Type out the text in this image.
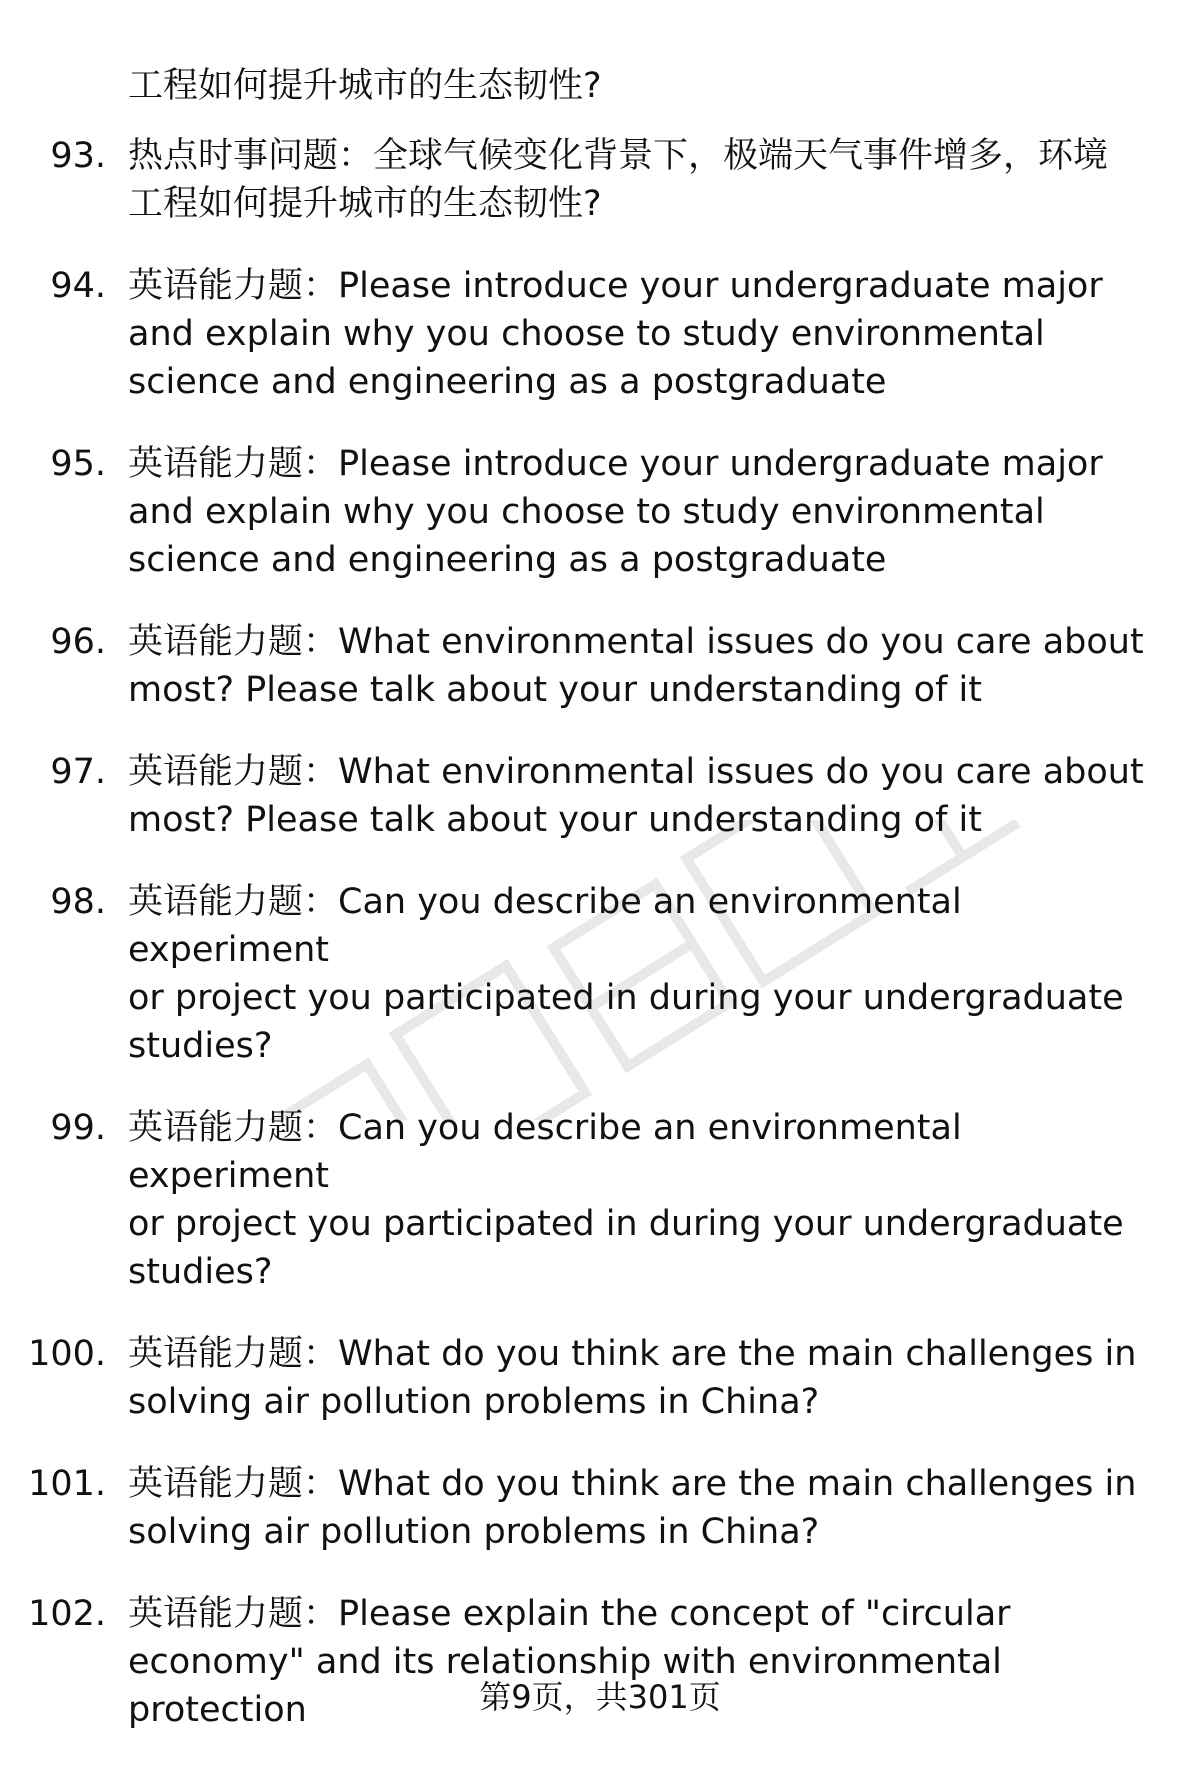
工程如何提升城市的生态韧性?
93. 热点时事问题：全球气候变化背景下，极端天气事件增多，环境
工程如何提升城市的生态韧性?
94. 英语能力题：Please introduce your undergraduate major
and explain why you choose to study environmental
science and engineering as a postgraduate
95. 英语能力题：Please introduce your undergraduate major
and explain why you choose to study environmental
science and engineering as a postgraduate
96. 英语能力题：What environmental issues do you care about
most? Please talk about your understanding of it
97. 英语能力题：What environmental issues do you care about
most? Please talk about your understanding of it
98. 英语能力题：Can you describe an environmental experiment
or project you participated in during your undergraduate
studies?
99. 英语能力题：Can you describe an environmental experiment
or project you participated in during your undergraduate
studies?
100. 英语能力题：What do you think are the main challenges in
solving air pollution problems in China?
101. 英语能力题：What do you think are the main challenges in
solving air pollution problems in China?
102. 英语能力题：Please explain the concept of "circular
economy" and its relationship with environmental
protection	第9页，共301页
